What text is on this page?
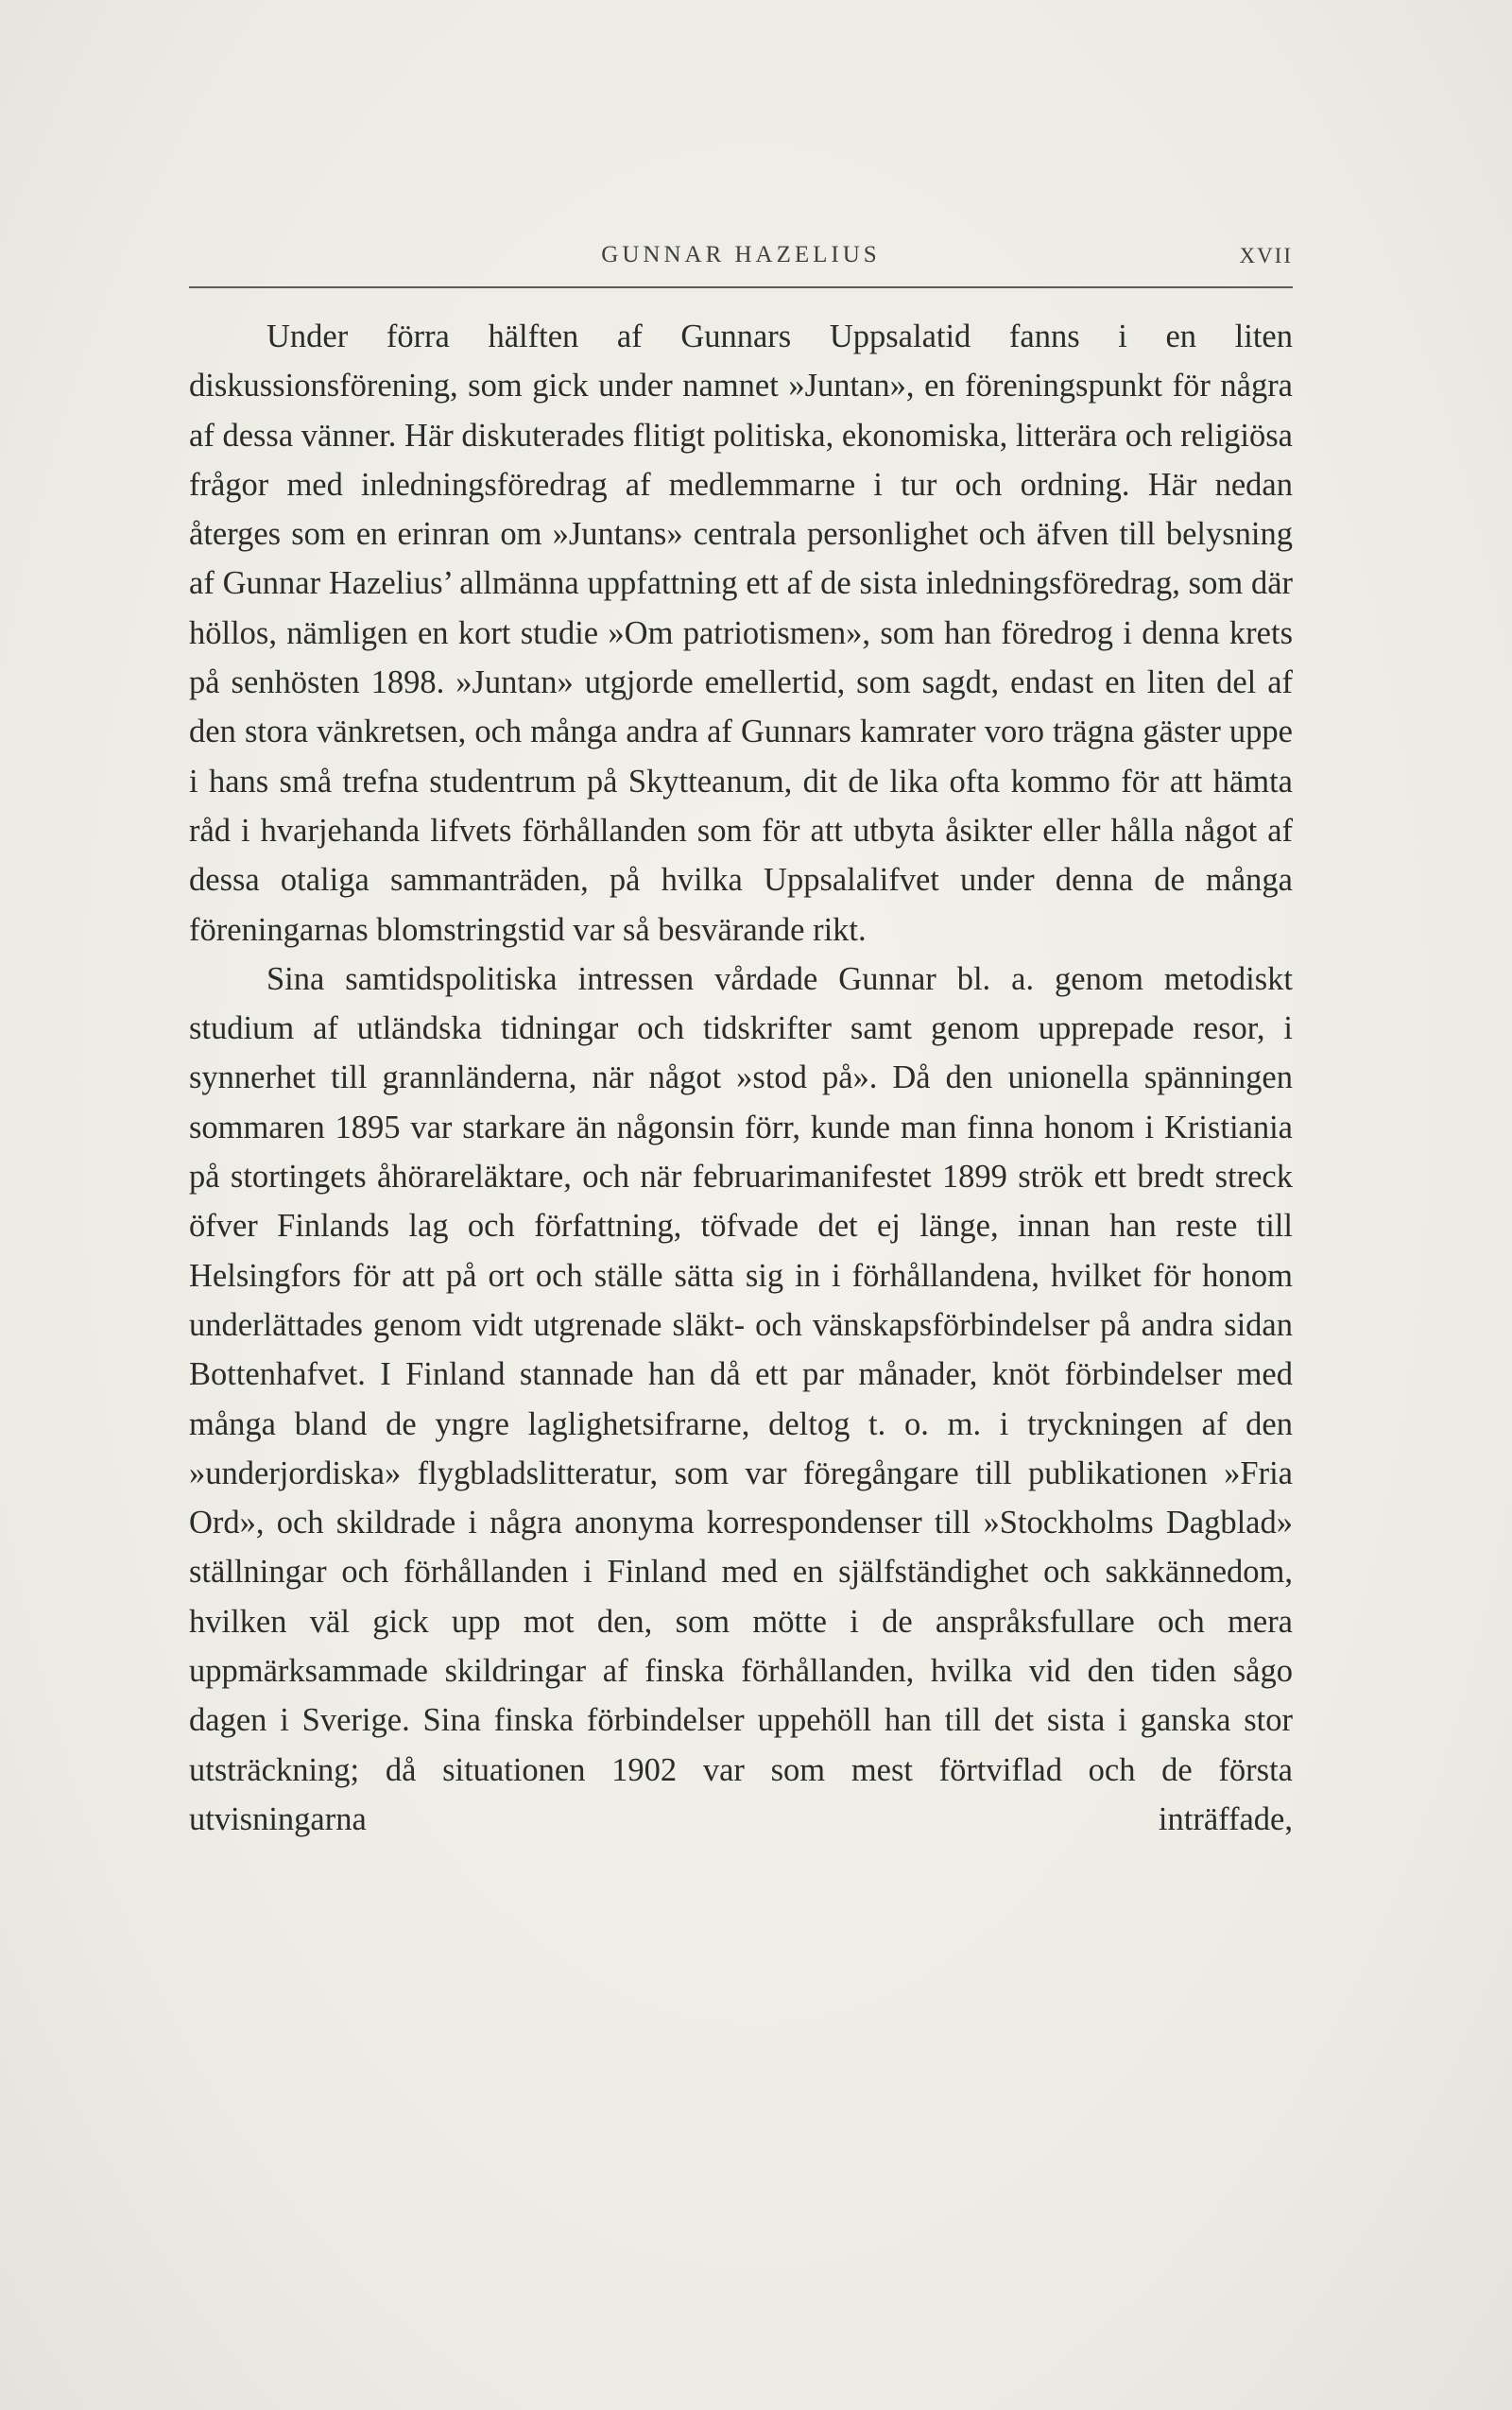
GUNNAR HAZELIUS	XVII

Under förra hälften af Gunnars Uppsalatid fanns i en liten diskussionsförening, som gick under namnet »Juntan», en föreningspunkt för några af dessa vänner. Här diskuterades flitigt politiska, ekonomiska, litterära och religiösa frågor med inledningsföredrag af medlemmarne i tur och ordning. Här nedan återges som en erinran om »Juntans» centrala personlighet och äfven till belysning af Gunnar Hazelius’ allmänna uppfattning ett af de sista inledningsföredrag, som där höllos, nämligen en kort studie »Om patriotismen», som han föredrog i denna krets på senhösten 1898. »Juntan» utgjorde emellertid, som sagdt, endast en liten del af den stora vänkretsen, och många andra af Gunnars kamrater voro trägna gäster uppe i hans små trefna studentrum på Skytteanum, dit de lika ofta kommo för att hämta råd i hvarjehanda lifvets förhållanden som för att utbyta åsikter eller hålla något af dessa otaliga sammanträden, på hvilka Uppsalalifvet under denna de många föreningarnas blomstringstid var så besvärande rikt.

Sina samtidspolitiska intressen vårdade Gunnar bl. a. genom metodiskt studium af utländska tidningar och tidskrifter samt genom upprepade resor, i synnerhet till grannländerna, när något »stod på». Då den unionella spänningen sommaren 1895 var starkare än någonsin förr, kunde man finna honom i Kristiania på stortingets åhörareläktare, och när februarimanifestet 1899 strök ett bredt streck öfver Finlands lag och författning, töfvade det ej länge, innan han reste till Helsingfors för att på ort och ställe sätta sig in i förhållandena, hvilket för honom underlättades genom vidt utgrenade släkt- och vänskapsförbindelser på andra sidan Bottenhafvet. I Finland stannade han då ett par månader, knöt förbindelser med många bland de yngre laglighetsifrarne, deltog t. o. m. i tryckningen af den »underjordiska» flygbladslitteratur, som var föregångare till publikationen »Fria Ord», och skildrade i några anonyma korrespondenser till »Stockholms Dagblad» ställningar och förhållanden i Finland med en själfständighet och sakkännedom, hvilken väl gick upp mot den, som mötte i de anspråksfullare och mera uppmärksammade skildringar af finska förhållanden, hvilka vid den tiden sågo dagen i Sverige. Sina finska förbindelser uppehöll han till det sista i ganska stor utsträckning; då situationen 1902 var som mest förtviflad och de första utvisningarna inträffade,
